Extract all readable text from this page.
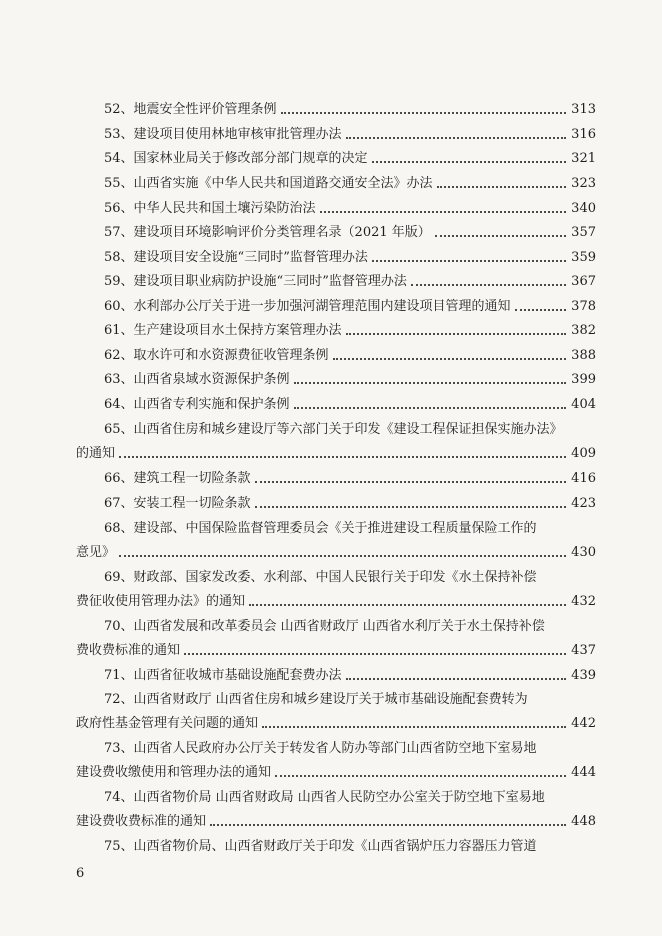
52、地震安全性评价管理条例	313
53、建设项目使用林地审核审批管理办法	316
54、国家林业局关于修改部分部门规章的决定	321
55、山西省实施《中华人民共和国道路交通安全法》办法	323
56、中华人民共和国土壤污染防治法	340
57、建设项目环境影响评价分类管理名录（2021 年版）	357
58、建设项目安全设施“三同时”监督管理办法	359
59、建设项目职业病防护设施“三同时”监督管理办法	367
60、水利部办公厅关于进一步加强河湖管理范围内建设项目管理的通知	378
61、生产建设项目水土保持方案管理办法	382
62、取水许可和水资源费征收管理条例	388
63、山西省泉域水资源保护条例	399
64、山西省专利实施和保护条例	404
65、山西省住房和城乡建设厅等六部门关于印发《建设工程保证担保实施办法》
的通知	409
66、建筑工程一切险条款	416
67、安装工程一切险条款	423
68、建设部、中国保险监督管理委员会《关于推进建设工程质量保险工作的
意见》	430
69、财政部、国家发改委、水利部、中国人民银行关于印发《水土保持补偿
费征收使用管理办法》的通知	432
70、山西省发展和改革委员会 山西省财政厅 山西省水利厅关于水土保持补偿
费收费标准的通知	437
71、山西省征收城市基础设施配套费办法	439
72、山西省财政厅 山西省住房和城乡建设厅关于城市基础设施配套费转为
政府性基金管理有关问题的通知	442
73、山西省人民政府办公厅关于转发省人防办等部门山西省防空地下室易地
建设费收缴使用和管理办法的通知	444
74、山西省物价局 山西省财政局 山西省人民防空办公室关于防空地下室易地
建设费收费标准的通知	448
75、山西省物价局、山西省财政厅关于印发《山西省锅炉压力容器压力管道
6
